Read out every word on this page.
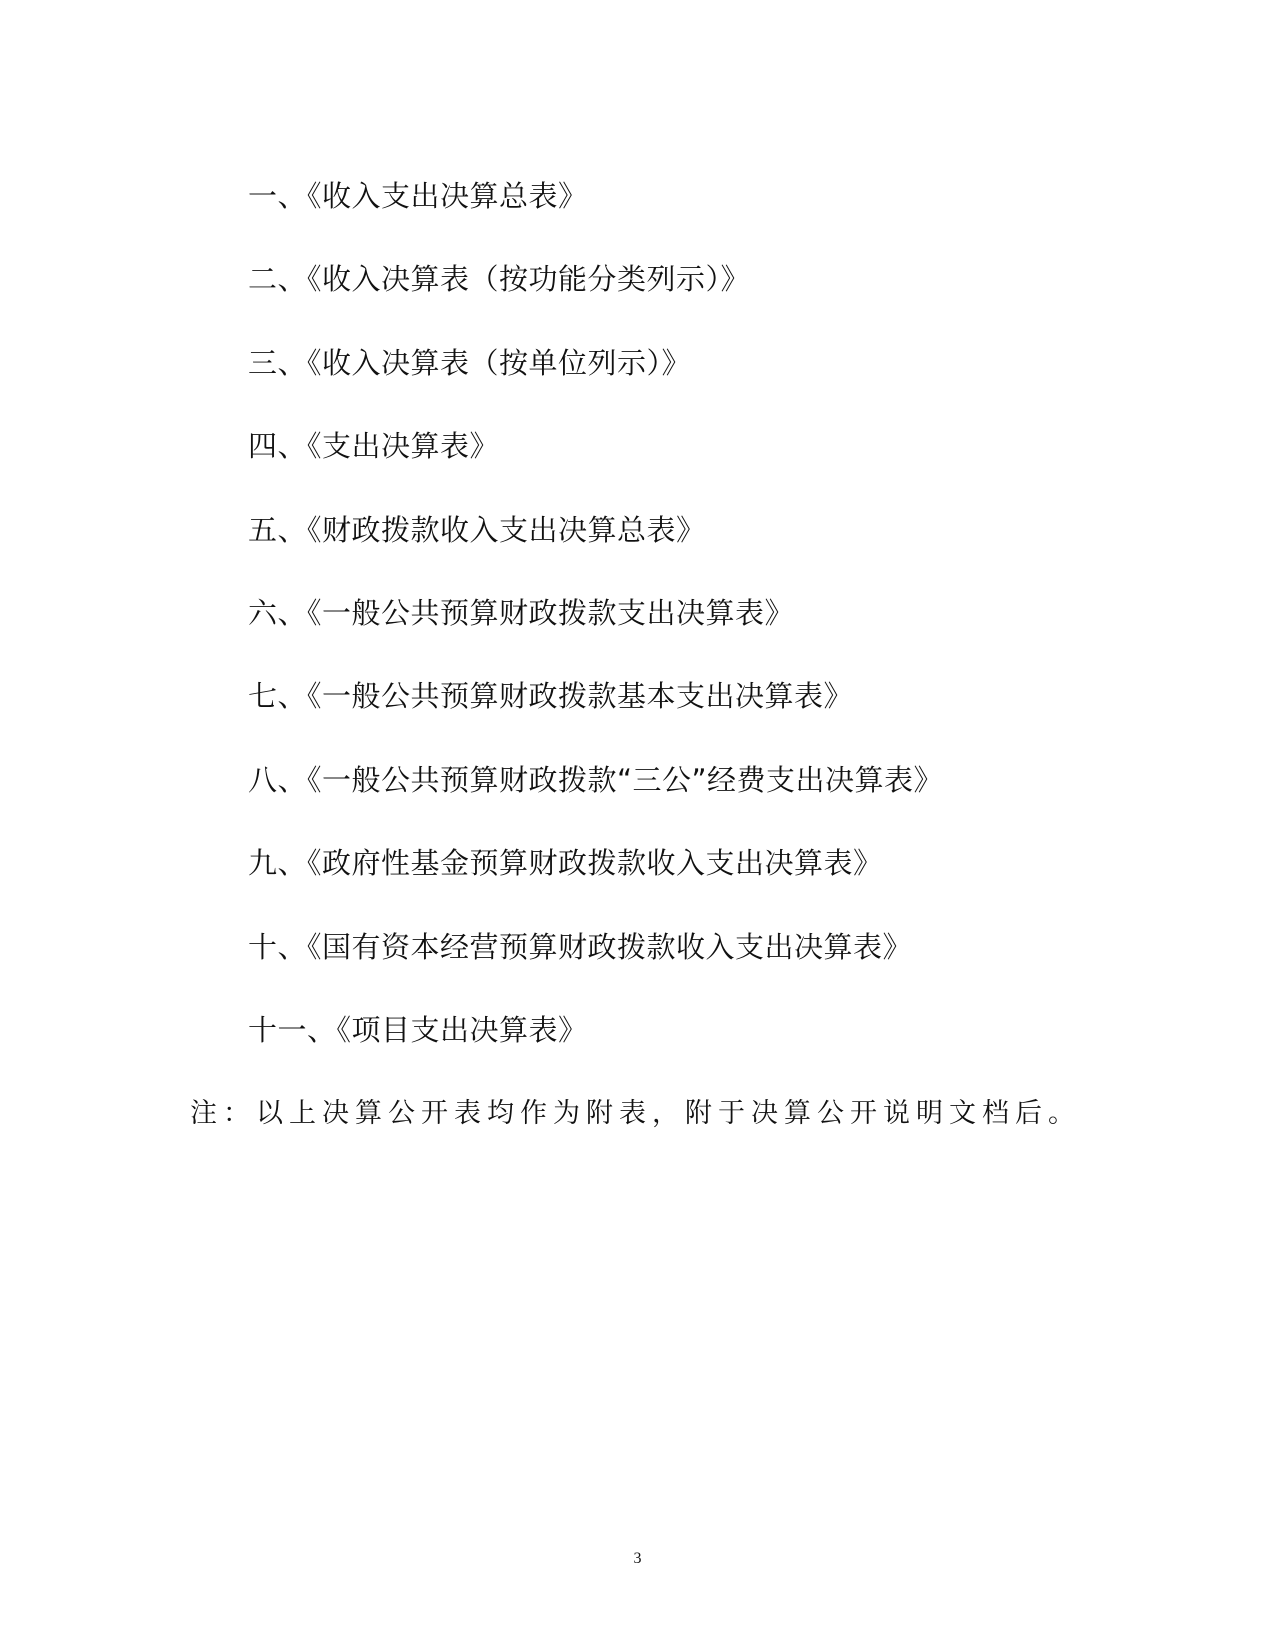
一、《收入支出决算总表》
二、《收入决算表（按功能分类列示）》
三、《收入决算表（按单位列示）》
四、《支出决算表》
五、《财政拨款收入支出决算总表》
六、《一般公共预算财政拨款支出决算表》
七、《一般公共预算财政拨款基本支出决算表》
八、《一般公共预算财政拨款“三公”经费支出决算表》
九、《政府性基金预算财政拨款收入支出决算表》
十、《国有资本经营预算财政拨款收入支出决算表》
十一、《项目支出决算表》

注：以上决算公开表均作为附表，附于决算公开说明文档后。

3
